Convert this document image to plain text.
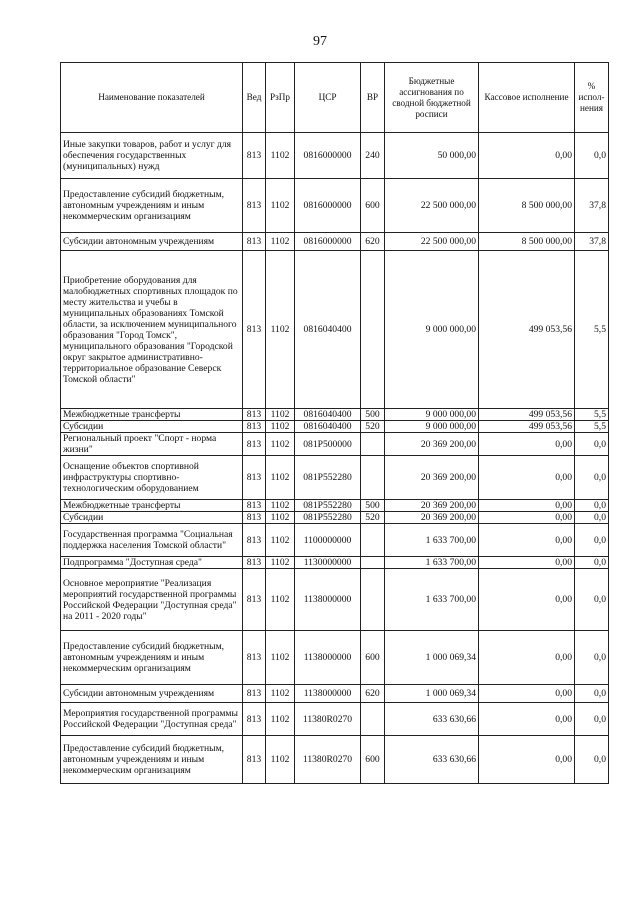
97
Наименование показателей	Вед	РзПр	ЦСР	ВР	Бюджетные ассигнования по сводной бюджетной росписи	Кассовое исполнение	% испол-нения
Иные закупки товаров, работ и услуг для обеспечения государственных (муниципальных) нужд	813	1102	0816000000	240	50 000,00	0,00	0,0
Предоставление субсидий бюджетным, автономным учреждениям и иным некоммерческим организациям	813	1102	0816000000	600	22 500 000,00	8 500 000,00	37,8
Субсидии автономным учреждениям	813	1102	0816000000	620	22 500 000,00	8 500 000,00	37,8
Приобретение оборудования для малобюджетных спортивных площадок по месту жительства и учебы в муниципальных образованиях Томской области, за исключением муниципального образования "Город Томск", муниципального образования "Городской округ закрытое административно-территориальное образование Северск Томской области"	813	1102	0816040400		9 000 000,00	499 053,56	5,5
Межбюджетные трансферты	813	1102	0816040400	500	9 000 000,00	499 053,56	5,5
Субсидии	813	1102	0816040400	520	9 000 000,00	499 053,56	5,5
Региональный проект "Спорт - норма жизни"	813	1102	081P500000		20 369 200,00	0,00	0,0
Оснащение объектов спортивной инфраструктуры спортивно-технологическим оборудованием	813	1102	081P552280		20 369 200,00	0,00	0,0
Межбюджетные трансферты	813	1102	081P552280	500	20 369 200,00	0,00	0,0
Субсидии	813	1102	081P552280	520	20 369 200,00	0,00	0,0
Государственная программа "Социальная поддержка населения Томской области"	813	1102	1100000000		1 633 700,00	0,00	0,0
Подпрограмма "Доступная среда"	813	1102	1130000000		1 633 700,00	0,00	0,0
Основное мероприятие "Реализация мероприятий государственной программы Российской Федерации "Доступная среда" на 2011 - 2020 годы"	813	1102	1138000000		1 633 700,00	0,00	0,0
Предоставление субсидий бюджетным, автономным учреждениям и иным некоммерческим организациям	813	1102	1138000000	600	1 000 069,34	0,00	0,0
Субсидии автономным учреждениям	813	1102	1138000000	620	1 000 069,34	0,00	0,0
Мероприятия государственной программы Российской Федерации "Доступная среда"	813	1102	11380R0270		633 630,66	0,00	0,0
Предоставление субсидий бюджетным, автономным учреждениям и иным некоммерческим организациям	813	1102	11380R0270	600	633 630,66	0,00	0,0
